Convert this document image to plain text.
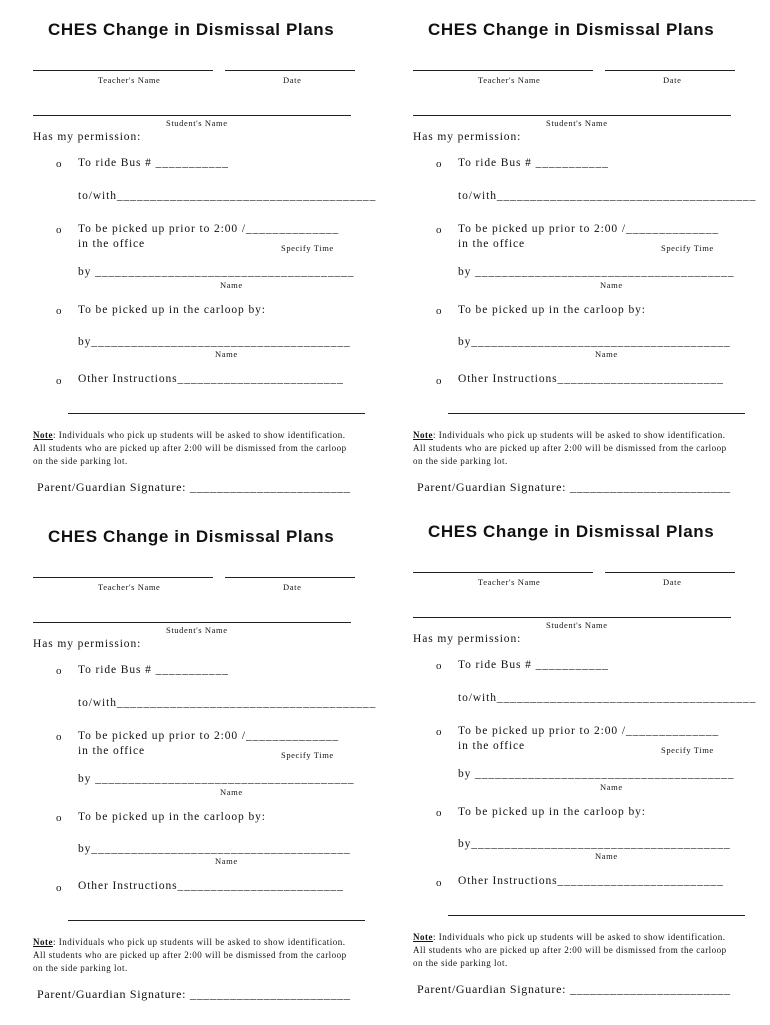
CHES Change in Dismissal Plans
Teacher's Name	Date
Student's Name
Has my permission:
o To ride Bus # ___________
to/with_______________________________________
o To be picked up prior to 2:00 /______________
in the office	Specify Time
by _______________________________________
Name
o To be picked up in the carloop by:
by_______________________________________
Name
o Other Instructions_________________________
Note: Individuals who pick up students will be asked to show identification. All students who are picked up after 2:00 will be dismissed from the carloop on the side parking lot.
Parent/Guardian Signature: ________________________
CHES Change in Dismissal Plans
Teacher's Name	Date
Student's Name
Has my permission:
o To ride Bus # ___________
to/with_______________________________________
o To be picked up prior to 2:00 /______________
in the office	Specify Time
by _______________________________________
Name
o To be picked up in the carloop by:
by_______________________________________
Name
o Other Instructions_________________________
Note: Individuals who pick up students will be asked to show identification. All students who are picked up after 2:00 will be dismissed from the carloop on the side parking lot.
Parent/Guardian Signature: ________________________
CHES Change in Dismissal Plans
Teacher's Name	Date
Student's Name
Has my permission:
o To ride Bus # ___________
to/with_______________________________________
o To be picked up prior to 2:00 /______________
in the office	Specify Time
by _______________________________________
Name
o To be picked up in the carloop by:
by_______________________________________
Name
o Other Instructions_________________________
Note: Individuals who pick up students will be asked to show identification. All students who are picked up after 2:00 will be dismissed from the carloop on the side parking lot.
Parent/Guardian Signature: ________________________
CHES Change in Dismissal Plans
Teacher's Name	Date
Student's Name
Has my permission:
o To ride Bus # ___________
to/with_______________________________________
o To be picked up prior to 2:00 /______________
in the office	Specify Time
by _______________________________________
Name
o To be picked up in the carloop by:
by_______________________________________
Name
o Other Instructions_________________________
Note: Individuals who pick up students will be asked to show identification. All students who are picked up after 2:00 will be dismissed from the carloop on the side parking lot.
Parent/Guardian Signature: ________________________
